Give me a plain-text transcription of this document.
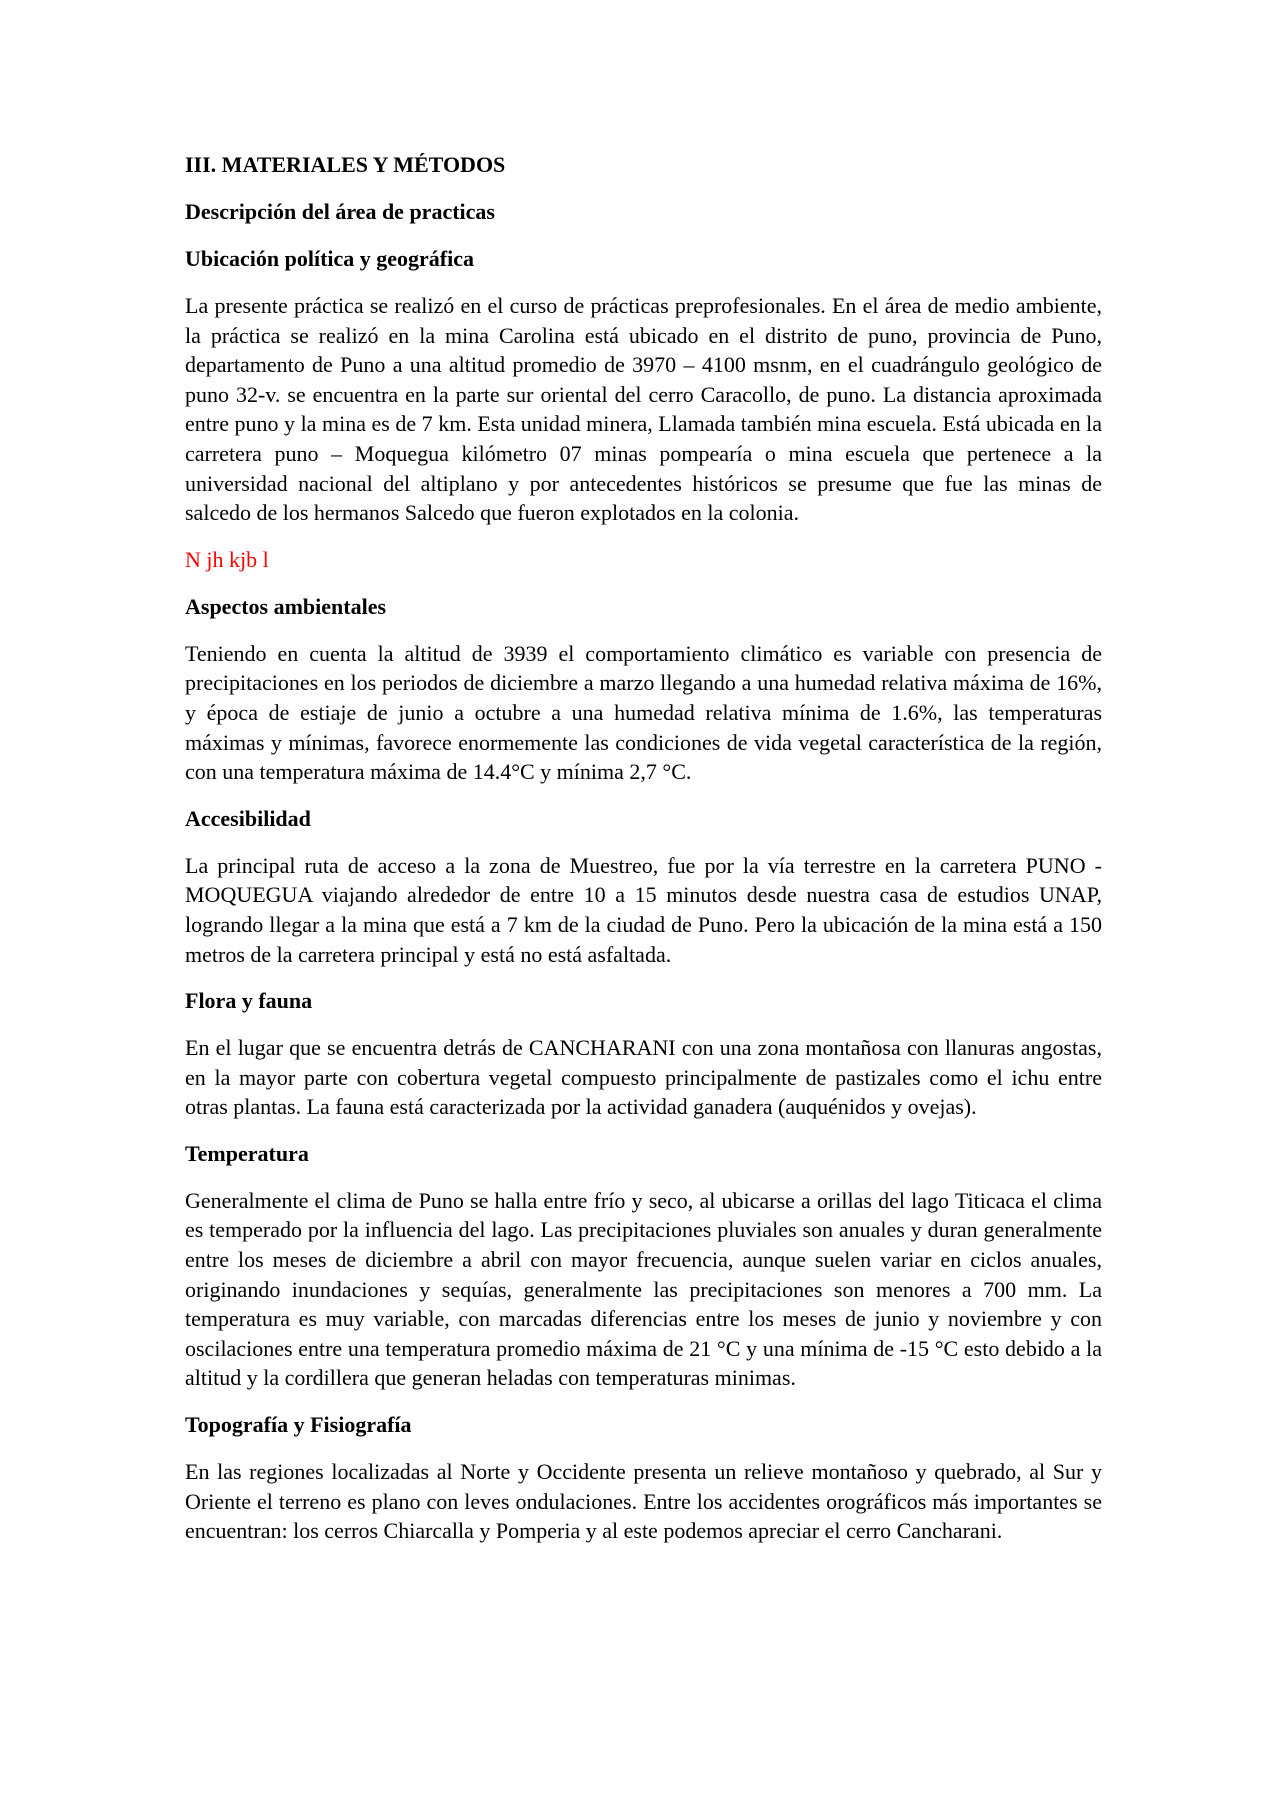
III. MATERIALES Y MÉTODOS
Descripción del área de practicas
Ubicación política y geográfica

La presente práctica se realizó en el curso de prácticas preprofesionales. En el área de medio ambiente, la práctica se realizó en la mina Carolina está ubicado en el distrito de puno, provincia de Puno, departamento de Puno a una altitud promedio de 3970 – 4100 msnm, en el cuadrángulo geológico de puno 32-v. se encuentra en la parte sur oriental del cerro Caracollo, de puno. La distancia aproximada entre puno y la mina es de 7 km. Esta unidad minera, Llamada también mina escuela. Está ubicada en la carretera puno – Moquegua kilómetro 07 minas pompearía o mina escuela que pertenece a la universidad nacional del altiplano y por antecedentes históricos se presume que fue las minas de salcedo de los hermanos Salcedo que fueron explotados en la colonia.

N jh kjb l
Aspectos ambientales

Teniendo en cuenta la altitud de 3939 el comportamiento climático es variable con presencia de precipitaciones en los periodos de diciembre a marzo llegando a una humedad relativa máxima de 16%, y época de estiaje de junio a octubre a una humedad relativa mínima de 1.6%, las temperaturas máximas y mínimas, favorece enormemente las condiciones de vida vegetal característica de la región, con una temperatura máxima de 14.4°C y mínima 2,7 °C.

Accesibilidad

La principal ruta de acceso a la zona de Muestreo, fue por la vía terrestre en la carretera PUNO - MOQUEGUA viajando alrededor de entre 10 a 15 minutos desde nuestra casa de estudios UNAP, logrando llegar a la mina que está a 7 km de la ciudad de Puno. Pero la ubicación de la mina está a 150 metros de la carretera principal y está no está asfaltada.

Flora y fauna

En el lugar que se encuentra detrás de CANCHARANI con una zona montañosa con llanuras angostas, en la mayor parte con cobertura vegetal compuesto principalmente de pastizales como el ichu entre otras plantas. La fauna está caracterizada por la actividad ganadera (auquénidos y ovejas).

Temperatura

Generalmente el clima de Puno se halla entre frío y seco, al ubicarse a orillas del lago Titicaca el clima es temperado por la influencia del lago. Las precipitaciones pluviales son anuales y duran generalmente entre los meses de diciembre a abril con mayor frecuencia, aunque suelen variar en ciclos anuales, originando inundaciones y sequías, generalmente las precipitaciones son menores a 700 mm. La temperatura es muy variable, con marcadas diferencias entre los meses de junio y noviembre y con oscilaciones entre una temperatura promedio máxima de 21 °C y una mínima de -15 °C esto debido a la altitud y la cordillera que generan heladas con temperaturas minimas.

Topografía y Fisiografía

En las regiones localizadas al Norte y Occidente presenta un relieve montañoso y quebrado, al Sur y Oriente el terreno es plano con leves ondulaciones. Entre los accidentes orográficos más importantes se encuentran: los cerros Chiarcalla y Pomperia y al este podemos apreciar el cerro Cancharani.
